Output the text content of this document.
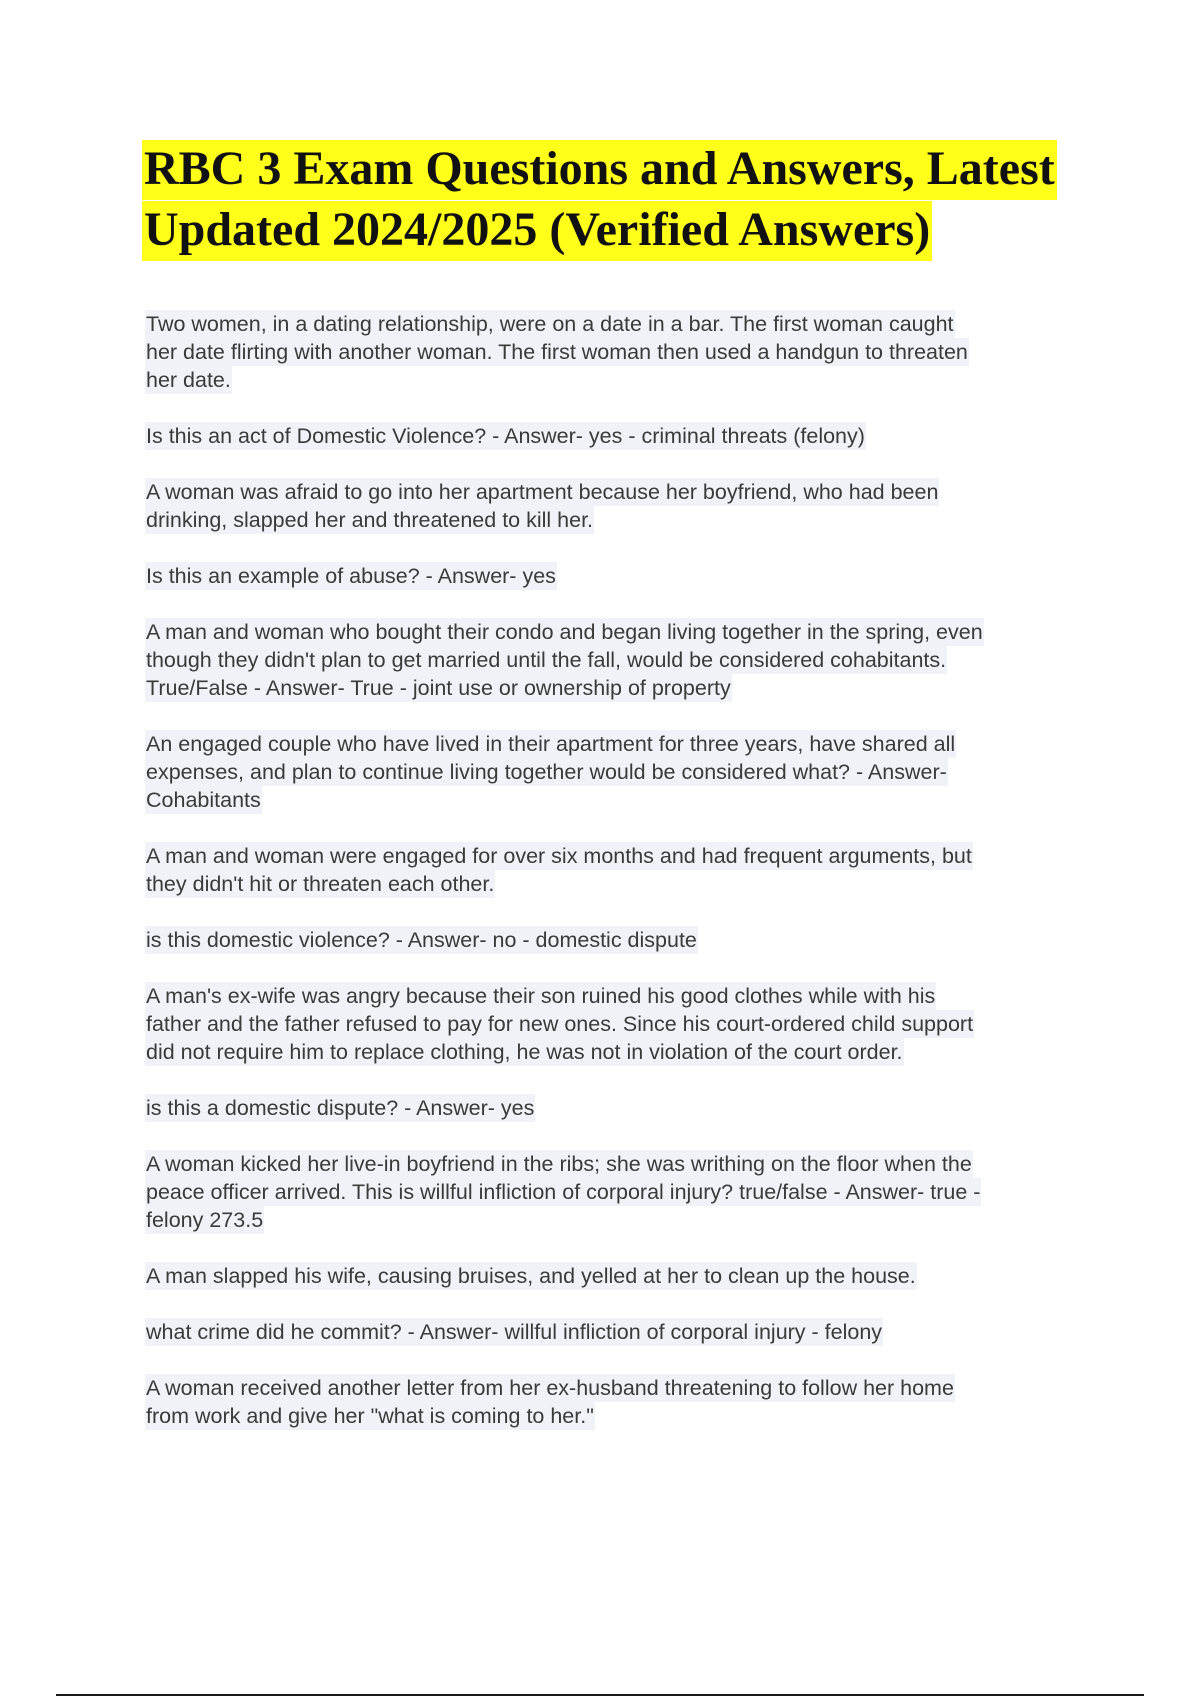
RBC 3 Exam Questions and Answers, Latest
Updated 2024/2025 (Verified Answers)
Two women, in a dating relationship, were on a date in a bar. The first woman caught
her date flirting with another woman. The first woman then used a handgun to threaten
her date.
Is this an act of Domestic Violence? - Answer- yes - criminal threats (felony)
A woman was afraid to go into her apartment because her boyfriend, who had been
drinking, slapped her and threatened to kill her.
Is this an example of abuse? - Answer- yes
A man and woman who bought their condo and began living together in the spring, even
though they didn't plan to get married until the fall, would be considered cohabitants.
True/False - Answer- True - joint use or ownership of property
An engaged couple who have lived in their apartment for three years, have shared all
expenses, and plan to continue living together would be considered what? - Answer-
Cohabitants
A man and woman were engaged for over six months and had frequent arguments, but
they didn't hit or threaten each other.
is this domestic violence? - Answer- no - domestic dispute
A man's ex-wife was angry because their son ruined his good clothes while with his
father and the father refused to pay for new ones. Since his court-ordered child support
did not require him to replace clothing, he was not in violation of the court order.
is this a domestic dispute? - Answer- yes
A woman kicked her live-in boyfriend in the ribs; she was writhing on the floor when the
peace officer arrived. This is willful infliction of corporal injury? true/false - Answer- true -
felony 273.5
A man slapped his wife, causing bruises, and yelled at her to clean up the house.
what crime did he commit? - Answer- willful infliction of corporal injury - felony
A woman received another letter from her ex-husband threatening to follow her home
from work and give her "what is coming to her."
